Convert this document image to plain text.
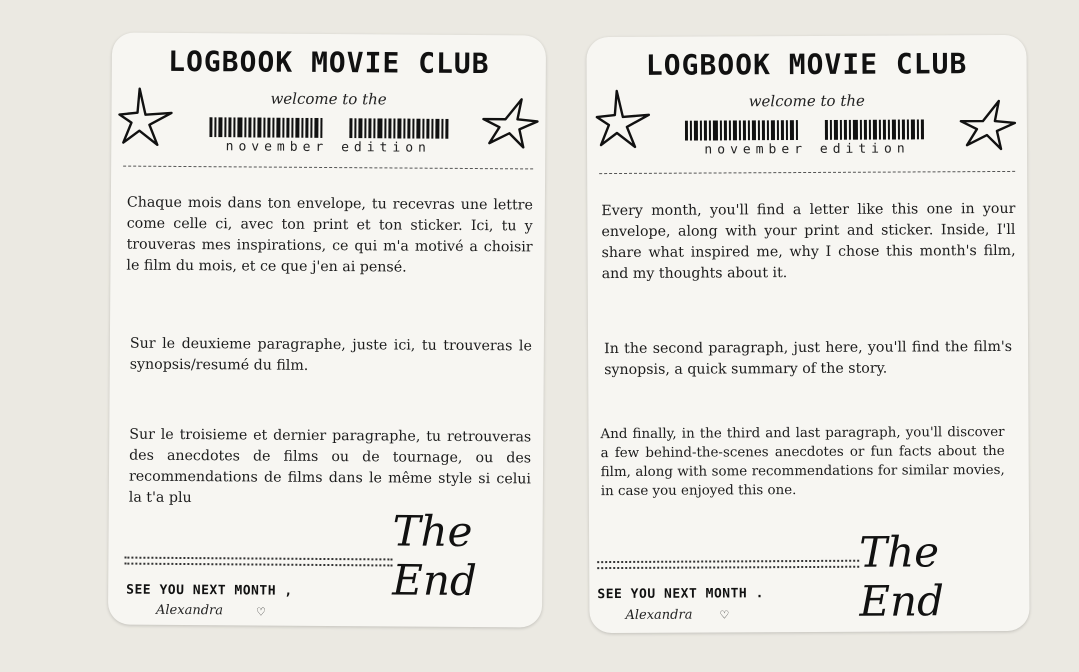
LOGBOOK MOVIE CLUB
welcome to the
november edition
Chaque mois dans ton envelope, tu recevras une lettre come celle ci, avec ton print et ton sticker. Ici, tu y trouveras mes inspirations, ce qui m'a motivé a choisir le film du mois, et ce que j'en ai pensé.
Sur le deuxieme paragraphe, juste ici, tu trouveras le synopsis/resumé du film.
Sur le troisieme et dernier paragraphe, tu retrouveras des anecdotes de films ou de tournage, ou des recommendations de films dans le même style si celui la t'a plu
The End
SEE YOU NEXT MONTH ,
Alexandra	♡
LOGBOOK MOVIE CLUB
welcome to the
november edition
Every month, you'll find a letter like this one in your envelope, along with your print and sticker. Inside, I'll share what inspired me, why I chose this month's film, and my thoughts about it.
In the second paragraph, just here, you'll find the film's synopsis, a quick summary of the story.
And finally, in the third and last paragraph, you'll discover a few behind-the-scenes anecdotes or fun facts about the film, along with some recommendations for similar movies, in case you enjoyed this one.
The End
SEE YOU NEXT MONTH .
Alexandra ♡
